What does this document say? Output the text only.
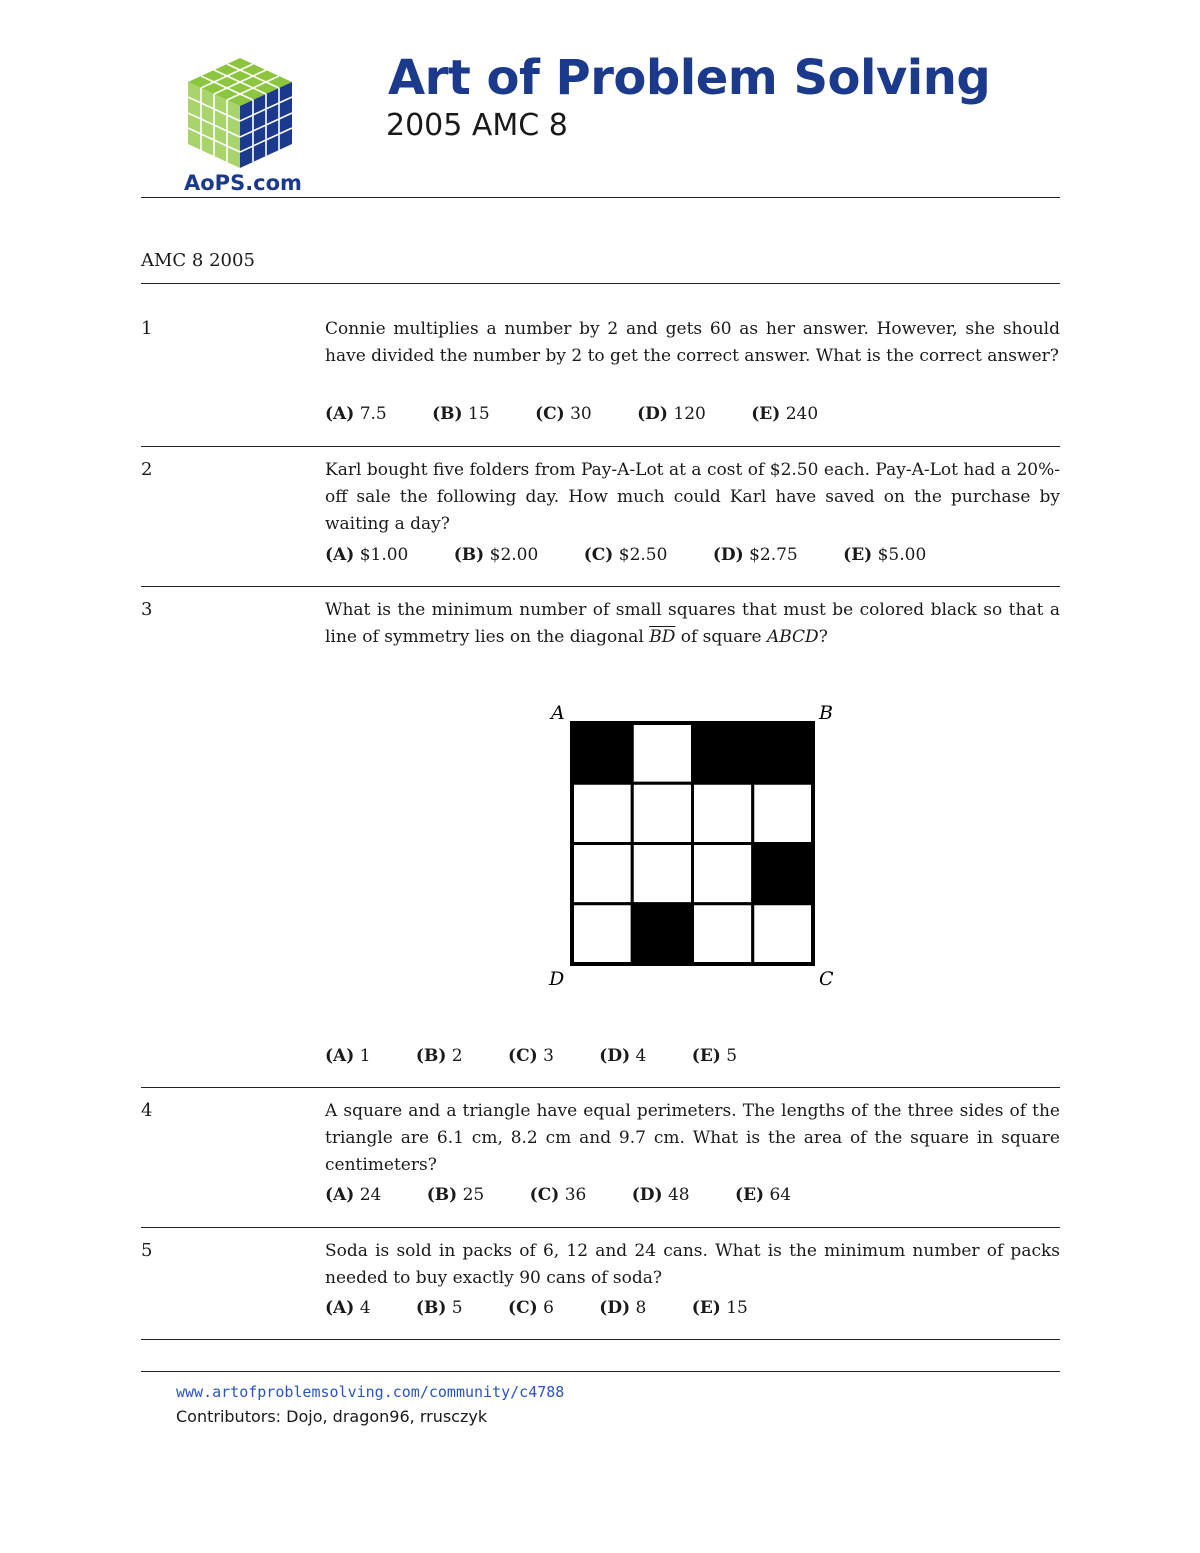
AoPS.com
Art of Problem Solving
2005 AMC 8
AMC 8 2005
1	Connie multiplies a number by 2 and gets 60 as her answer. However, she should have divided the number by 2 to get the correct answer. What is the correct answer?
(A) 7.5	(B) 15	(C) 30	(D) 120	(E) 240
2	Karl bought five folders from Pay-A-Lot at a cost of $2.50 each. Pay-A-Lot had a 20%-off sale the following day. How much could Karl have saved on the purchase by waiting a day?
(A) $1.00	(B) $2.00	(C) $2.50	(D) $2.75	(E) $5.00
3	What is the minimum number of small squares that must be colored black so that a line of symmetry lies on the diagonal $\overline{BD}$ of square ABCD?
A	B
D	C
(A) 1	(B) 2	(C) 3	(D) 4	(E) 5
4	A square and a triangle have equal perimeters. The lengths of the three sides of the triangle are 6.1 cm, 8.2 cm and 9.7 cm. What is the area of the square in square centimeters?
(A) 24	(B) 25	(C) 36	(D) 48	(E) 64
5	Soda is sold in packs of 6, 12 and 24 cans. What is the minimum number of packs needed to buy exactly 90 cans of soda?
(A) 4	(B) 5	(C) 6	(D) 8	(E) 15
www.artofproblemsolving.com/community/c4788
Contributors: Dojo, dragon96, rrusczyk
